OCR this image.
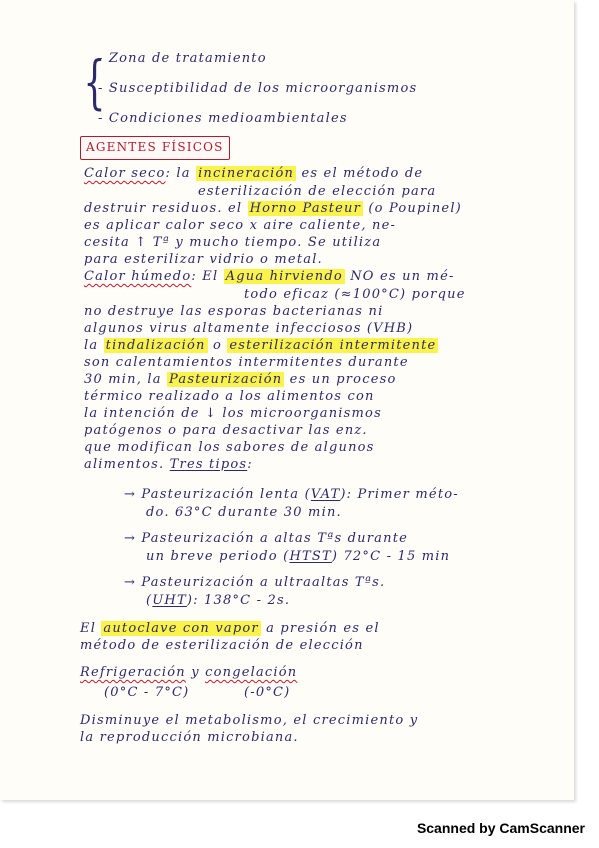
{
- Zona de tratamiento
- Susceptibilidad de los microorganismos
- Condiciones medioambientales
AGENTES FÍSICOS
Calor seco: la incineración es el método de
esterilización de elección para
destruir residuos. el Horno Pasteur (o Poupinel)
es aplicar calor seco x aire caliente, ne-
cesita ↑ Tª y mucho tiempo. Se utiliza
para esterilizar vidrio o metal.
Calor húmedo: El Agua hirviendo NO es un mé-
todo eficaz (≈100°C) porque
no destruye las esporas bacterianas ni
algunos virus altamente infecciosos (VHB)
la tindalización o esterilización intermitente
son calentamientos intermitentes durante
30 min, la Pasteurización es un proceso
térmico realizado a los alimentos con
la intención de ↓ los microorganismos
patógenos o para desactivar las enz.
que modifican los sabores de algunos
alimentos. Tres tipos:
→ Pasteurización lenta (VAT): Primer méto-
do. 63°C durante 30 min.
→ Pasteurización a altas Tªs durante
un breve periodo (HTST) 72°C - 15 min
→ Pasteurización a ultraaltas Tªs.
(UHT): 138°C - 2s.
El autoclave con vapor a presión es el
método de esterilización de elección
Refrigeración y congelación
(0°C - 7°C)	(-0°C)
Disminuye el metabolismo, el crecimiento y
la reproducción microbiana.
Scanned by CamScanner
